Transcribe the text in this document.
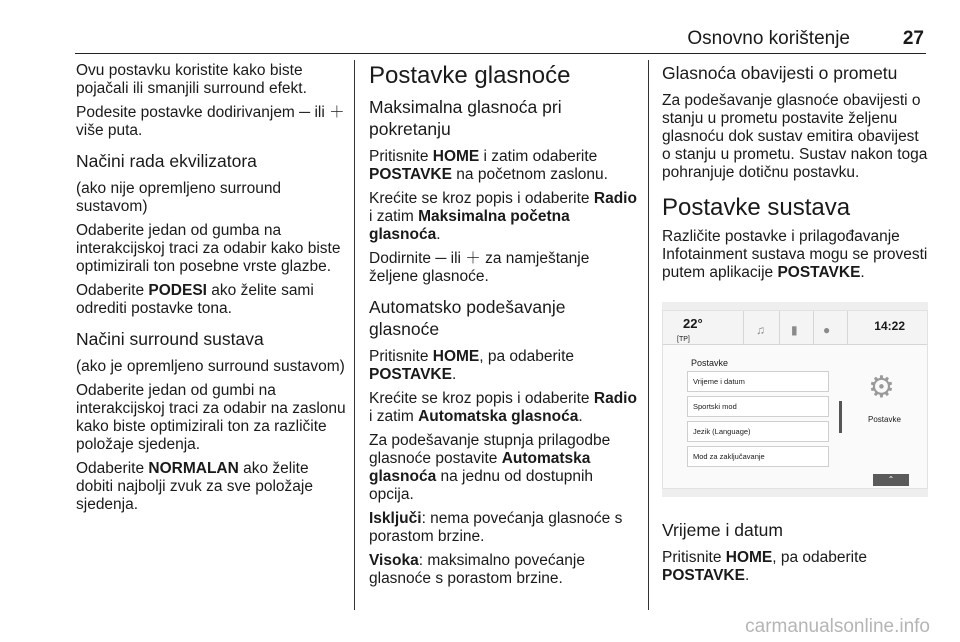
Osnovno korištenje	27

Ovu postavku koristite kako biste pojačali ili smanjili surround efekt.

Podesite postavke dodirivanjem ─ ili ＋ više puta.

Načini rada ekvilizatora

(ako nije opremljeno surround sustavom)

Odaberite jedan od gumba na interakcijskoj traci za odabir kako biste optimizirali ton posebne vrste glazbe.

Odaberite PODESI ako želite sami odrediti postavke tona.

Načini surround sustava

(ako je opremljeno surround sustavom)

Odaberite jedan od gumbi na interakcijskoj traci za odabir na zaslonu kako biste optimizirali ton za različite položaje sjedenja.

Odaberite NORMALAN ako želite dobiti najbolji zvuk za sve položaje sjedenja.

Postavke glasnoće
Maksimalna glasnoća pri pokretanju

Pritisnite HOME i zatim odaberite POSTAVKE na početnom zaslonu.

Krećite se kroz popis i odaberite Radio i zatim Maksimalna početna glasnoća.

Dodirnite ─ ili ＋ za namještanje željene glasnoće.

Automatsko podešavanje glasnoće

Pritisnite HOME, pa odaberite POSTAVKE.

Krećite se kroz popis i odaberite Radio i zatim Automatska glasnoća.

Za podešavanje stupnja prilagodbe glasnoće postavite Automatska glasnoća na jednu od dostupnih opcija.

Isključi: nema povećanja glasnoće s porastom brzine.

Visoka: maksimalno povećanje glasnoće s porastom brzine.

Glasnoća obavijesti o prometu

Za podešavanje glasnoće obavijesti o stanju u prometu postavite željenu glasnoću dok sustav emitira obavijest o stanju u prometu. Sustav nakon toga pohranjuje dotičnu postavku.

Postavke sustava

Različite postavke i prilagođavanje Infotainment sustava mogu se provesti putem aplikacije POSTAVKE.

22°
[TP]
♫ ▮ ●	14:22
Postavke
Vrijeme i datum
Sportski mod
Jezik (Language)
Mod za zaključavanje
⚙
Postavke
⌃
Vrijeme i datum

Pritisnite HOME, pa odaberite POSTAVKE.

carmanualsonline.info
